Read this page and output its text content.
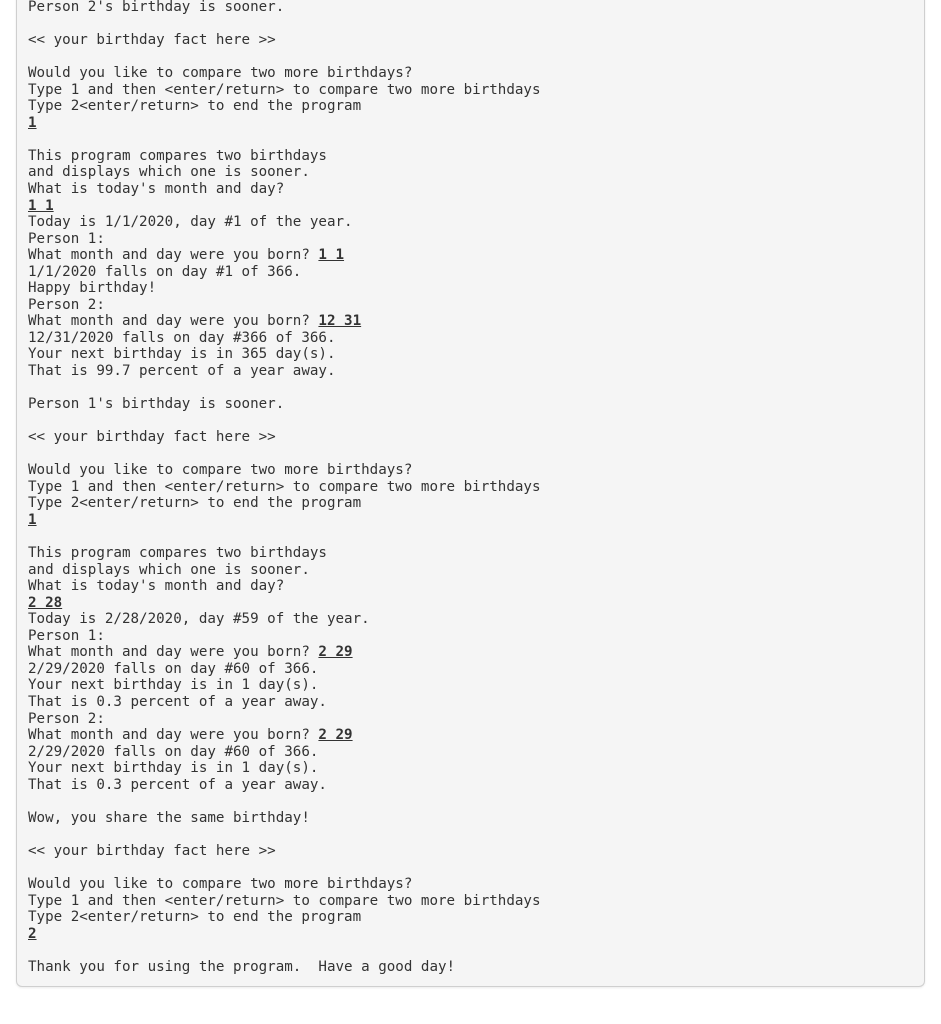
Person 2's birthday is sooner.
<< your birthday fact here >>
Would you like to compare two more birthdays?
Type 1 and then <enter/return> to compare two more birthdays
Type 2<enter/return> to end the program
1
This program compares two birthdays
and displays which one is sooner.
What is today's month and day?
1 1
Today is 1/1/2020, day #1 of the year.
Person 1:
What month and day were you born? 1 1
1/1/2020 falls on day #1 of 366.
Happy birthday!
Person 2:
What month and day were you born? 12 31
12/31/2020 falls on day #366 of 366.
Your next birthday is in 365 day(s).
That is 99.7 percent of a year away.
Person 1's birthday is sooner.
<< your birthday fact here >>
Would you like to compare two more birthdays?
Type 1 and then <enter/return> to compare two more birthdays
Type 2<enter/return> to end the program
1
This program compares two birthdays
and displays which one is sooner.
What is today's month and day?
2 28
Today is 2/28/2020, day #59 of the year.
Person 1:
What month and day were you born? 2 29
2/29/2020 falls on day #60 of 366.
Your next birthday is in 1 day(s).
That is 0.3 percent of a year away.
Person 2:
What month and day were you born? 2 29
2/29/2020 falls on day #60 of 366.
Your next birthday is in 1 day(s).
That is 0.3 percent of a year away.
Wow, you share the same birthday!
<< your birthday fact here >>
Would you like to compare two more birthdays?
Type 1 and then <enter/return> to compare two more birthdays
Type 2<enter/return> to end the program
2
Thank you for using the program.  Have a good day!
